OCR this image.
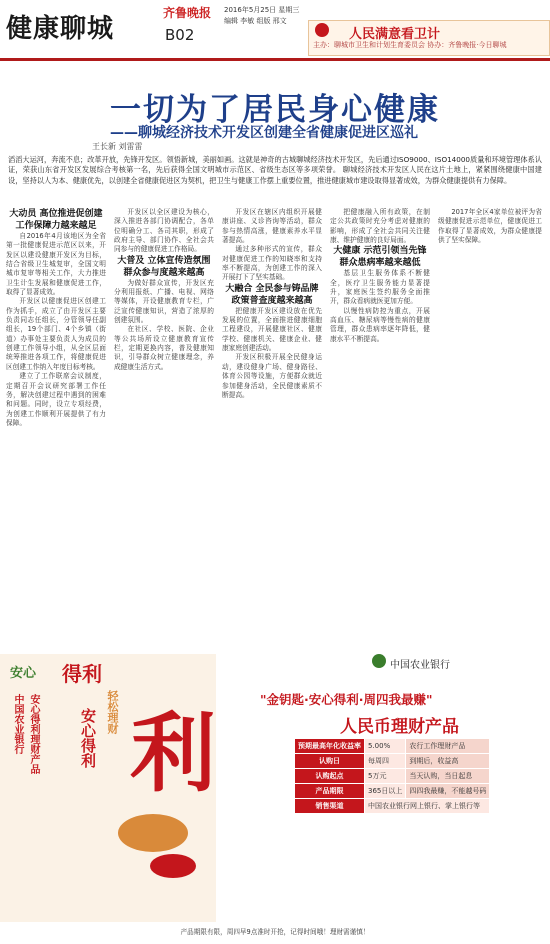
健康聊城
齐鲁晚报 2016年5月25日 星期三
编辑 李敏 组版 邢文
B02	人民满意看卫计
主办：聊城市卫生和计划生育委员会 协办：齐鲁晚报·今日聊城
一切为了居民身心健康
——聊城经济技术开发区创建全省健康促进区巡礼
王长新 刘雷雷
滔滔大运河，奔流不息；改革开放，先锋开发区。领悟新城，美丽如画。这就是神奇的古城聊城经济技术开发区，先后通过ISO9000、ISO14000质量和环境管理体系认证，荣获山东省开发区发展综合考核第一名，先后获得全国文明城市示范区、省级生态区等多项荣誉。 聊城经济技术开发区人民在这片土地上，紧紧围绕健康中国建设，坚持以人为本、健康优先，以创建全省健康促进区为契机，把卫生与健康工作摆上重要位置，推进健康城市建设取得显著成效，为群众健康提供有力保障。

大动员 高位推进促创建 工作保障力越来越足

自2016年4月该地区为全省第一批健康促进示范区以来，开发区以建设健康开发区为目标，结合省级卫生城复审，全国文明城市复审等相关工作，大力推进卫生计生发展和健康促进工作，取得了显著成效。

开发区以健康促进区创建工作为抓手，成立了由开发区主要负责同志任组长，分管领导任副组长，19个部门、4个乡镇（街道）办事处主要负责人为成员的创建工作领导小组，从全区层面统筹推进各项工作，将健康促进区创建工作纳入年度目标考核。

建立了工作联席会议制度，定期召开会议研究部署工作任务，解决创建过程中遇到的困难和问题。同时，设立专项经费，为创建工作顺利开展提供了有力保障。

开发区以全区建设为核心，深入推进各部门协调配合，各单位明确分工、各司其职，形成了政府主导、部门协作、全社会共同参与的健康促进工作格局。

大普及 立体宣传造氛围 群众参与度越来越高

为做好群众宣传，开发区充分利用报纸、广播、电视、网络等媒体，开设健康教育专栏，广泛宣传健康知识，营造了浓厚的创建氛围。

在社区、学校、医院、企业等公共场所设立健康教育宣传栏，定期更换内容，普及健康知识，引导群众树立健康理念，养成健康生活方式。

开发区在辖区内组织开展健康讲座、义诊咨询等活动，群众参与热情高涨，健康素养水平显著提高。

通过多种形式的宣传，群众对健康促进工作的知晓率和支持率不断提高，为创建工作的深入开展打下了坚实基础。

大融合 全民参与铸品牌 政策普查度越来越高

把健康开发区建设放在优先发展的位置，全面推进健康细胞工程建设，开展健康社区、健康学校、健康机关、健康企业、健康家庭创建活动。

开发区积极开展全民健身运动，建设健身广场、健身路径、体育公园等设施，方便群众就近参加健身活动，全民健康素质不断提高。

把健康融入所有政策，在制定公共政策时充分考虑对健康的影响，形成了全社会共同关注健康、维护健康的良好局面。

大健康 示范引领当先锋 群众患病率越来越低

基层卫生服务体系不断健全，医疗卫生服务能力显著提升，家庭医生签约服务全面推开，群众看病就医更加方便。

以慢性病防控为重点，开展高血压、糖尿病等慢性病的健康管理，群众患病率逐年降低，健康水平不断提高。

2017年全区4家单位被评为省级健康促进示范单位，健康促进工作取得了显著成效，为群众健康提供了坚实保障。

安心 得利
中国农业银行 安心得利理财产品	安心得利 轻松理财 利
中国农业银行
"金钥匙·安心得利·周四我最赚"
人民币理财产品
预期最高年化收益率	5.00%	农行工作理财产品
认购日	每周四	到期后，收益高
认购起点	5万元	当天认购，当日起息
产品期限	365日以上	四四我最赚，不能越号码
销售渠道	中国农业银行网上银行、掌上银行等	
产品期限有限，周四早9点准时开抢，记得时间哦！理财需谨慎！
